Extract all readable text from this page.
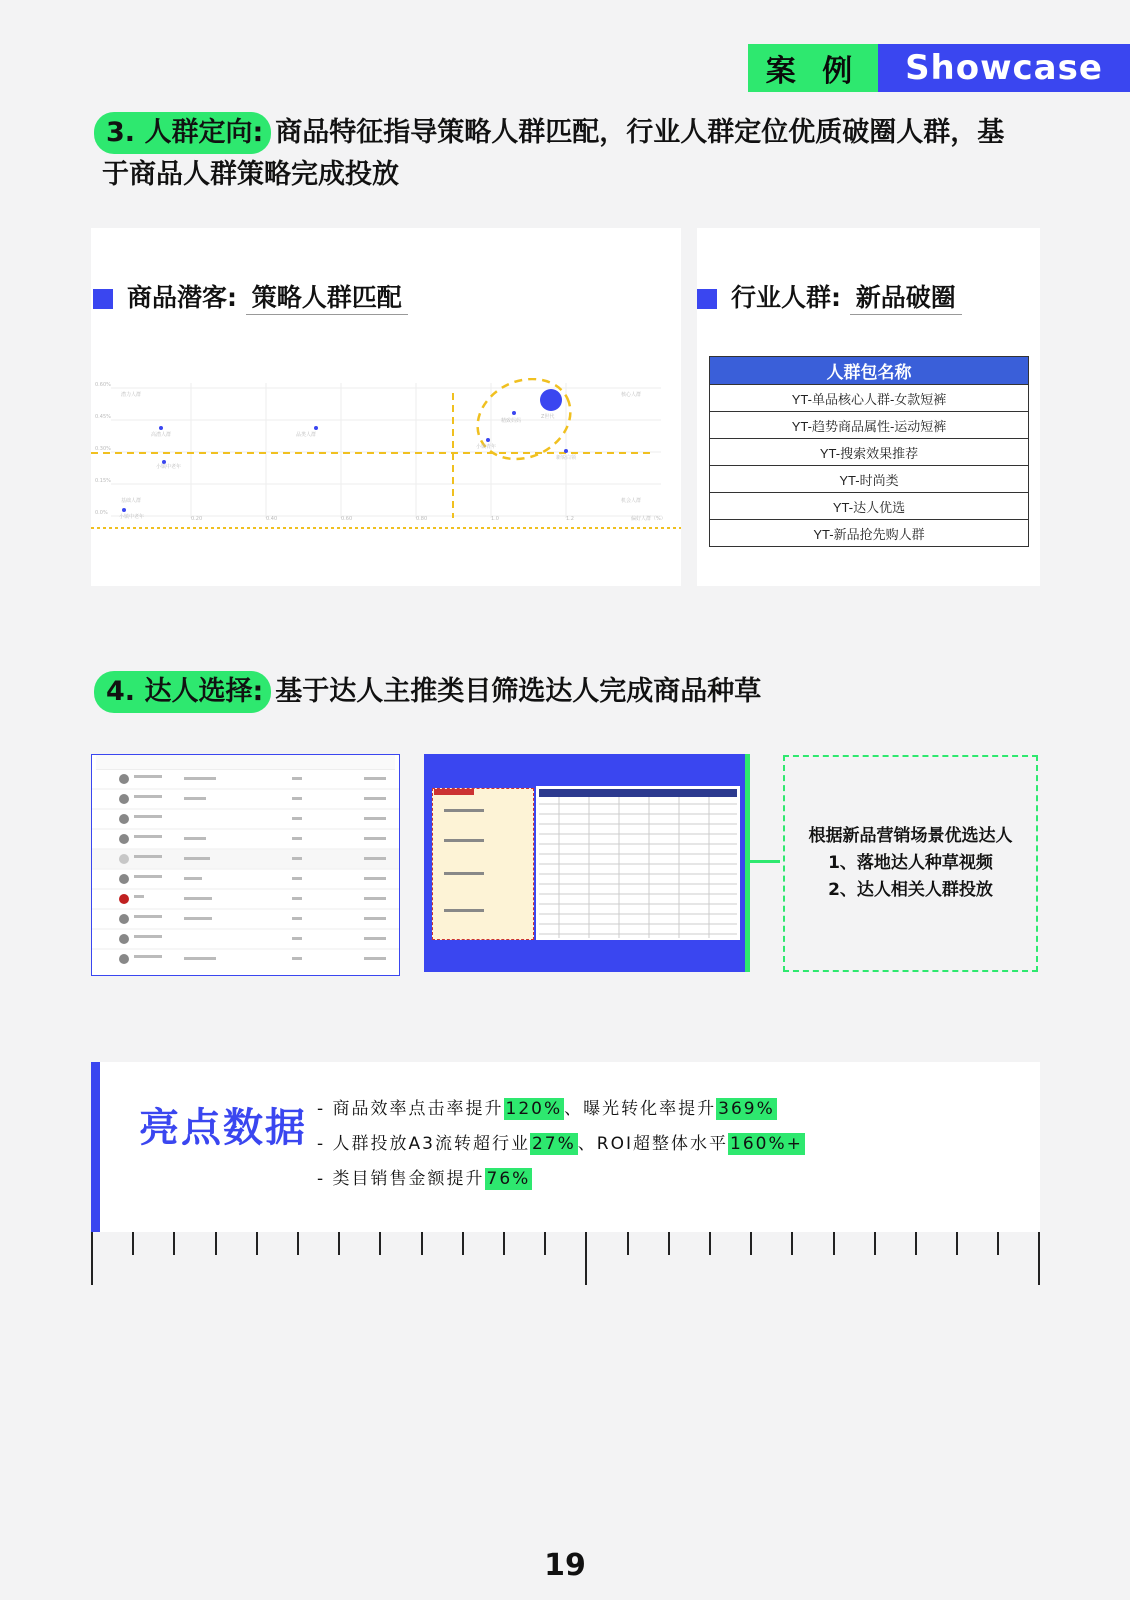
案 例	Showcase
3. 人群定向: 商品特征指导策略人群匹配，行业人群定位优质破圈人群，基
于商品人群策略完成投放
商品潜客: 策略人群匹配
0.60%
0.45%
0.30%
0.15%
0.0%
潜力人群	核心人群
基础人群	机会人群
高潜人群	品类人群
小镇中老年
小镇青年
精致妈妈
Z世代
新锐白领
小镇中老年	0.20	0.40	0.60	0.80	1.0	1.2	偏好人群（%）
行业人群: 新品破圈
人群包名称
YT-单品核心人群-女款短裤
YT-趋势商品属性-运动短裤
YT-搜索效果推荐
YT-时尚类
YT-达人优选
YT-新品抢先购人群
4. 达人选择: 基于达人主推类目筛选达人完成商品种草
根据新品营销场景优选达人
1、落地达人种草视频
2、达人相关人群投放
亮点数据 - 商品效率点击率提升 120% 、曝光转化率提升 369%
- 人群投放A3流转超行业 27% 、ROI超整体水平 160%+
- 类目销售金额提升 76%
19
